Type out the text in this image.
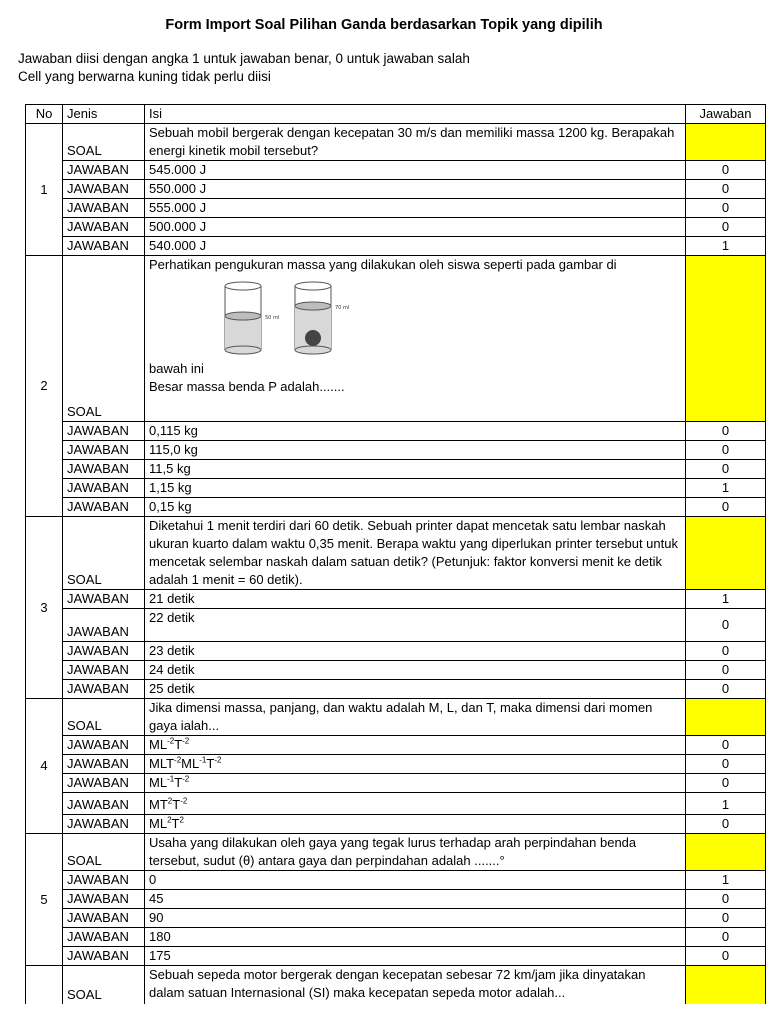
Form Import Soal Pilihan Ganda berdasarkan Topik yang dipilih
Jawaban diisi dengan angka 1 untuk jawaban benar, 0 untuk jawaban salah
Cell yang berwarna kuning tidak perlu diisi
No	Jenis	Isi	Jawaban
1	SOAL	Sebuah mobil bergerak dengan kecepatan 30 m/s dan memiliki massa 1200 kg. Berapakah energi kinetik mobil tersebut?	
	JAWABAN	545.000 J	0
	JAWABAN	550.000 J	0
	JAWABAN	555.000 J	0
	JAWABAN	500.000 J	0
	JAWABAN	540.000 J	1
2	SOAL	Perhatikan pengukuran massa yang dilakukan oleh siswa seperti pada gambar di
50 ml
70 ml
bawah ini
Besar massa benda P adalah.......	

	JAWABAN	0,115 kg	0
	JAWABAN	115,0 kg	0
	JAWABAN	11,5 kg	0
	JAWABAN	1,15 kg	1
	JAWABAN	0,15 kg	0
3	SOAL	Diketahui 1 menit terdiri dari 60 detik. Sebuah printer dapat mencetak satu lembar naskah ukuran kuarto dalam waktu 0,35 menit. Berapa waktu yang diperlukan printer tersebut untuk mencetak selembar naskah dalam satuan detik? (Petunjuk: faktor konversi menit ke detik adalah 1 menit = 60 detik).	
	JAWABAN	21 detik	1
	JAWABAN	22 detik	0
	JAWABAN	23 detik	0
	JAWABAN	24 detik	0
	JAWABAN	25 detik	0
4	SOAL	Jika dimensi massa, panjang, dan waktu adalah M, L, dan T, maka dimensi dari momen gaya ialah...	
	JAWABAN	$ML^{-2}T^{-2}$	0
	JAWABAN	$MLT^{-2}ML^{-1}T^{-2}$	0
	JAWABAN	$ML^{-1}T^{-2}$	0
	JAWABAN	$MT^2T^{-2}$	1
	JAWABAN	$ML^2T^2$	0
5	SOAL	Usaha yang dilakukan oleh gaya yang tegak lurus terhadap arah perpindahan benda tersebut, sudut (θ) antara gaya dan perpindahan adalah .......°	
	JAWABAN	0	1
	JAWABAN	45	0
	JAWABAN	90	0
	JAWABAN	180	0
	JAWABAN	175	0
	SOAL	Sebuah sepeda motor bergerak dengan kecepatan sebesar 72 km/jam jika dinyatakan dalam satuan Internasional (SI) maka kecepatan sepeda motor adalah...	
